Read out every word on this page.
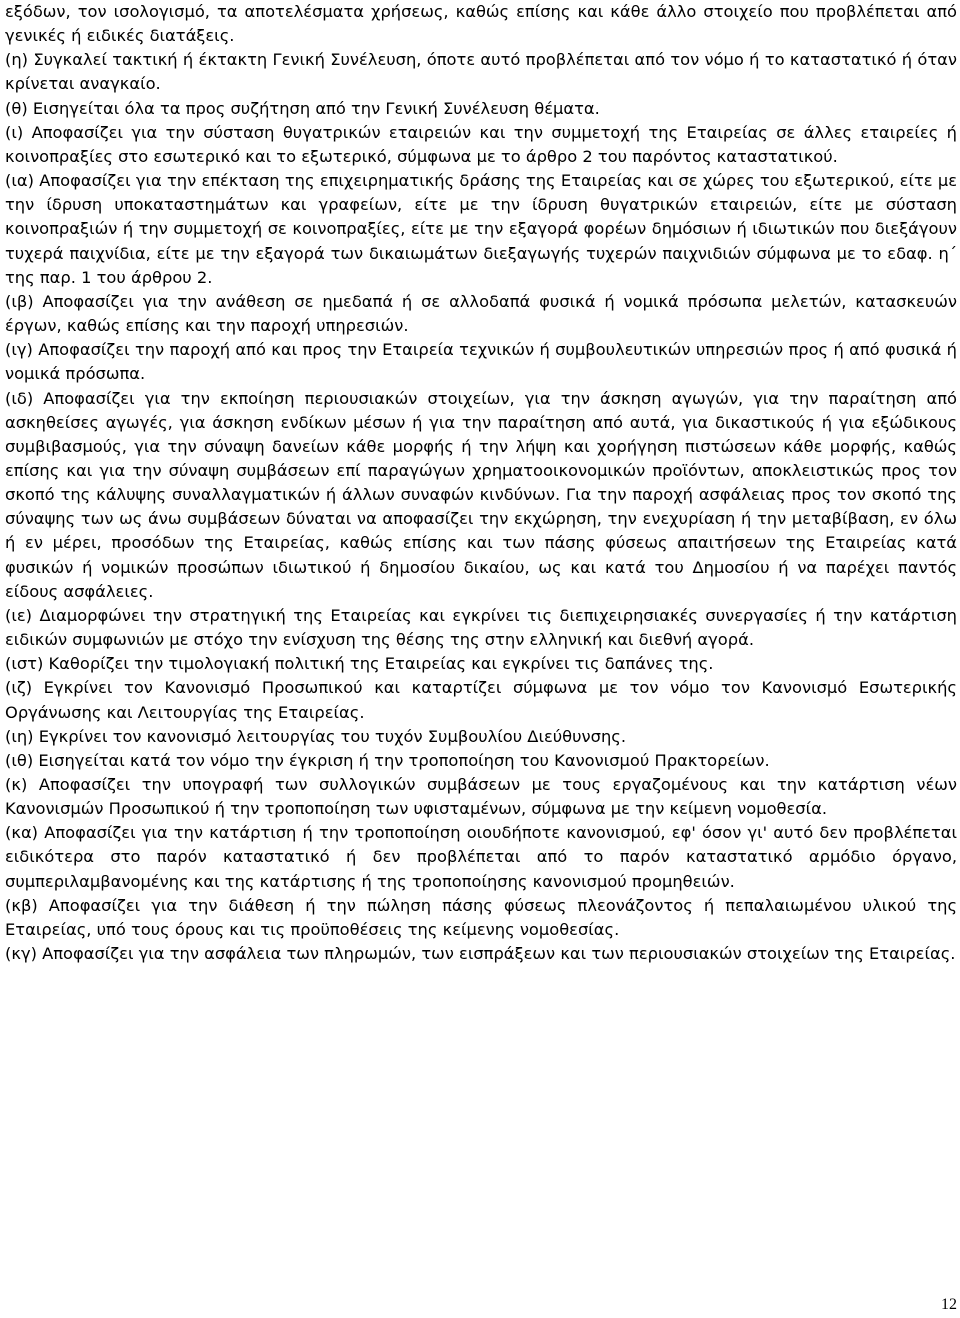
εξόδων, τον ισολογισμό, τα αποτελέσματα χρήσεως, καθώς επίσης και κάθε άλλο στοιχείο που προβλέπεται από γενικές ή ειδικές διατάξεις.

(η) Συγκαλεί τακτική ή έκτακτη Γενική Συνέλευση, όποτε αυτό προβλέπεται από τον νόμο ή το καταστατικό ή όταν κρίνεται αναγκαίο.

(θ) Εισηγείται όλα τα προς συζήτηση από την Γενική Συνέλευση θέματα.

(ι) Αποφασίζει για την σύσταση θυγατρικών εταιρειών και την συμμετοχή της Εταιρείας σε άλλες εταιρείες ή κοινοπραξίες στο εσωτερικό και το εξωτερικό, σύμφωνα με το άρθρο 2 του παρόντος καταστατικού.

(ια) Αποφασίζει για την επέκταση της επιχειρηματικής δράσης της Εταιρείας και σε χώρες του εξωτερικού, είτε με την ίδρυση υποκαταστημάτων και γραφείων, είτε με την ίδρυση θυγατρικών εταιρειών, είτε με σύσταση κοινοπραξιών ή την συμμετοχή σε κοινοπραξίες, είτε με την εξαγορά φορέων δημόσιων ή ιδιωτικών που διεξάγουν τυχερά παιχνίδια, είτε με την εξαγορά των δικαιωμάτων διεξαγωγής τυχερών παιχνιδιών σύμφωνα με το εδαφ. η΄ της παρ. 1 του άρθρου 2.

(ιβ) Αποφασίζει για την ανάθεση σε ημεδαπά ή σε αλλοδαπά φυσικά ή νομικά πρόσωπα μελετών, κατασκευών έργων, καθώς επίσης και την παροχή υπηρεσιών.

(ιγ) Αποφασίζει την παροχή από και προς την Εταιρεία τεχνικών ή συμβουλευτικών υπηρεσιών προς ή από φυσικά ή νομικά πρόσωπα.

(ιδ) Αποφασίζει για την εκποίηση περιουσιακών στοιχείων, για την άσκηση αγωγών, για την παραίτηση από ασκηθείσες αγωγές, για άσκηση ενδίκων μέσων ή για την παραίτηση από αυτά, για δικαστικούς ή για εξώδικους συμβιβασμούς, για την σύναψη δανείων κάθε μορφής ή την λήψη και χορήγηση πιστώσεων κάθε μορφής, καθώς επίσης και για την σύναψη συμβάσεων επί παραγώγων χρηματοοικονομικών προϊόντων, αποκλειστικώς προς τον σκοπό της κάλυψης συναλλαγματικών ή άλλων συναφών κινδύνων. Για την παροχή ασφάλειας προς τον σκοπό της σύναψης των ως άνω συμβάσεων δύναται να αποφασίζει την εκχώρηση, την ενεχυρίαση ή την μεταβίβαση, εν όλω ή εν μέρει, προσόδων της Εταιρείας, καθώς επίσης και των πάσης φύσεως απαιτήσεων της Εταιρείας κατά φυσικών ή νομικών προσώπων ιδιωτικού ή δημοσίου δικαίου, ως και κατά του Δημοσίου ή να παρέχει παντός είδους ασφάλειες.

(ιε) Διαμορφώνει την στρατηγική της Εταιρείας και εγκρίνει τις διεπιχειρησιακές συνεργασίες ή την κατάρτιση ειδικών συμφωνιών με στόχο την ενίσχυση της θέσης της στην ελληνική και διεθνή αγορά.

(ιστ) Καθορίζει την τιμολογιακή πολιτική της Εταιρείας και εγκρίνει τις δαπάνες της.

(ιζ) Εγκρίνει τον Κανονισμό Προσωπικού και καταρτίζει σύμφωνα με τον νόμο τον Κανονισμό Εσωτερικής Οργάνωσης και Λειτουργίας της Εταιρείας.

(ιη) Εγκρίνει τον κανονισμό λειτουργίας του τυχόν Συμβουλίου Διεύθυνσης.

(ιθ) Εισηγείται κατά τον νόμο την έγκριση ή την τροποποίηση του Κανονισμού Πρακτορείων.

(κ) Αποφασίζει την υπογραφή των συλλογικών συμβάσεων με τους εργαζομένους και την κατάρτιση νέων Κανονισμών Προσωπικού ή την τροποποίηση των υφισταμένων, σύμφωνα με την κείμενη νομοθεσία.

(κα) Αποφασίζει για την κατάρτιση ή την τροποποίηση οιουδήποτε κανονισμού, εφ' όσον γι' αυτό δεν προβλέπεται ειδικότερα στο παρόν καταστατικό ή δεν προβλέπεται από το παρόν καταστατικό αρμόδιο όργανο, συμπεριλαμβανομένης και της κατάρτισης ή της τροποποίησης κανονισμού προμηθειών.

(κβ) Αποφασίζει για την διάθεση ή την πώληση πάσης φύσεως πλεονάζοντος ή πεπαλαιωμένου υλικού της Εταιρείας, υπό τους όρους και τις προϋποθέσεις της κείμενης νομοθεσίας.

(κγ) Αποφασίζει για την ασφάλεια των πληρωμών, των εισπράξεων και των περιουσιακών στοιχείων της Εταιρείας.

12
